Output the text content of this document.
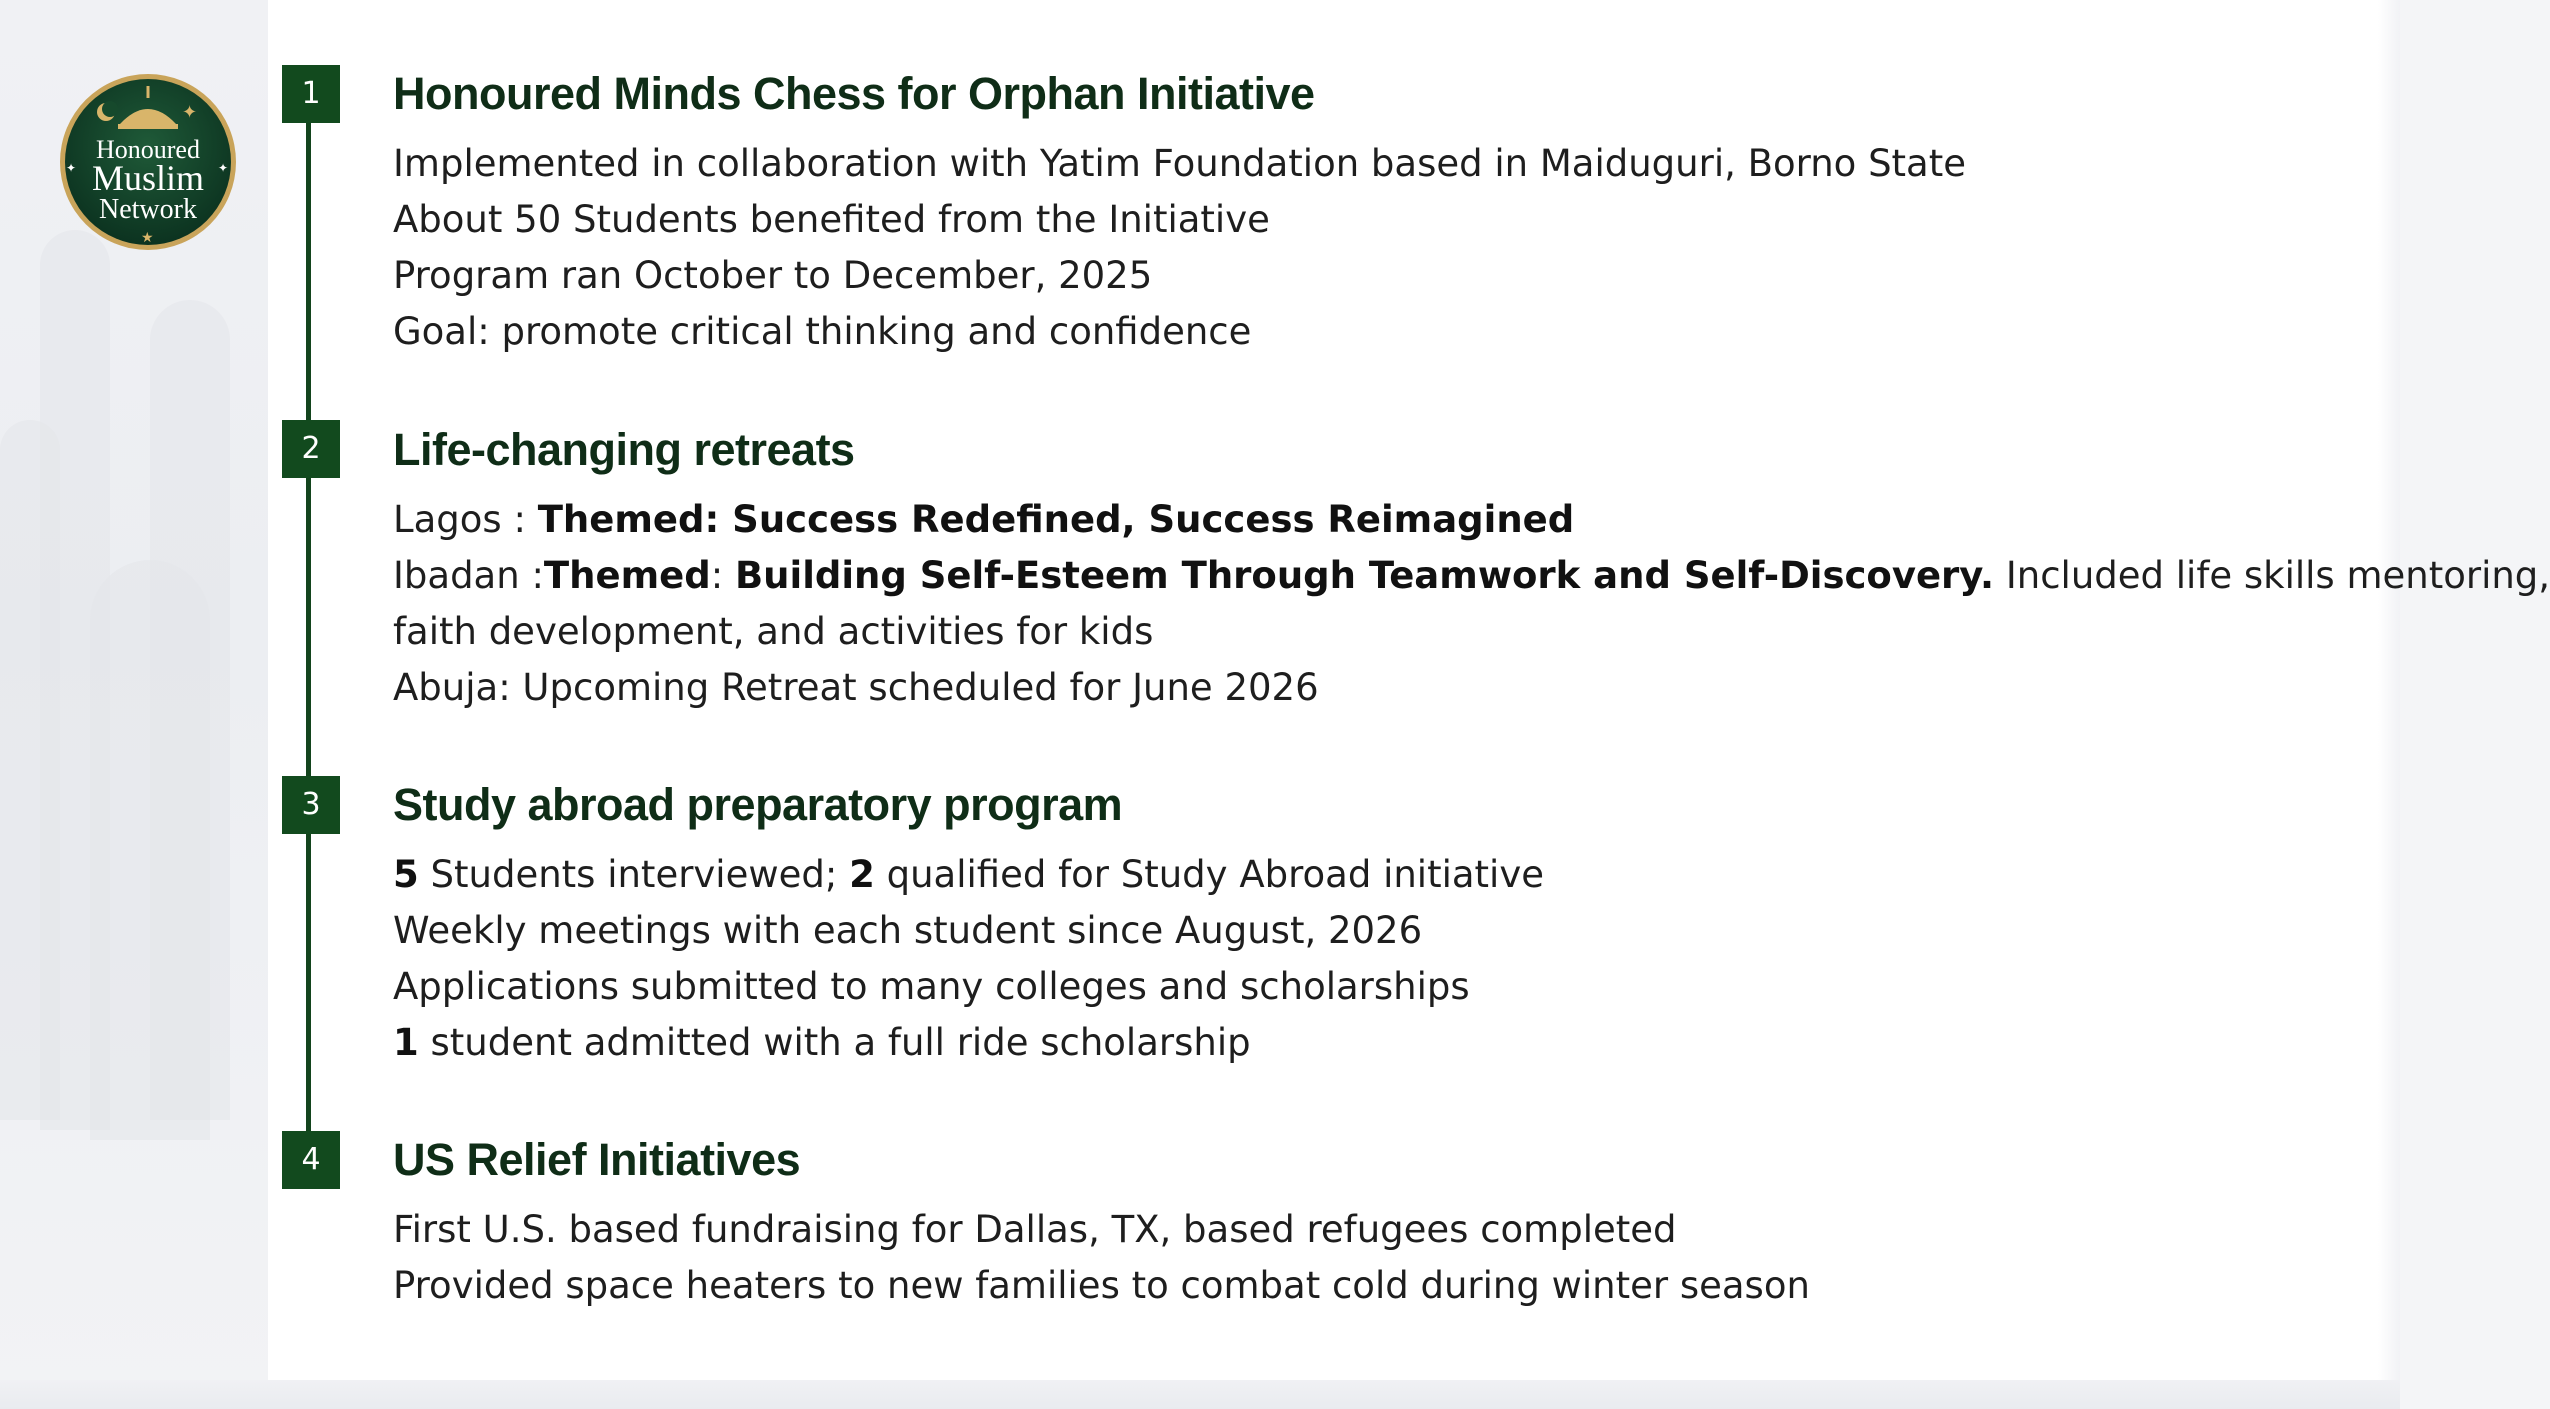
✦
✦	✦
★
Honoured
Muslim
Network
1
2
3
4
Honoured Minds Chess for Orphan Initiative
Implemented in collaboration with Yatim Foundation based in Maiduguri, Borno State
About 50 Students benefited from the Initiative
Program ran October to December, 2025
Goal: promote critical thinking and confidence
Life-changing retreats
Lagos : Themed: Success Redefined, Success Reimagined
Ibadan :Themed: Building Self-Esteem Through Teamwork and Self-Discovery. Included life skills mentoring,
faith development, and activities for kids
Abuja: Upcoming Retreat scheduled for June 2026
Study abroad preparatory program
5 Students interviewed; 2 qualified for Study Abroad initiative
Weekly meetings with each student since August, 2026
Applications submitted to many colleges and scholarships
1 student admitted with a full ride scholarship
US Relief Initiatives
First U.S. based fundraising for Dallas, TX, based refugees completed
Provided space heaters to new families to combat cold during winter season
